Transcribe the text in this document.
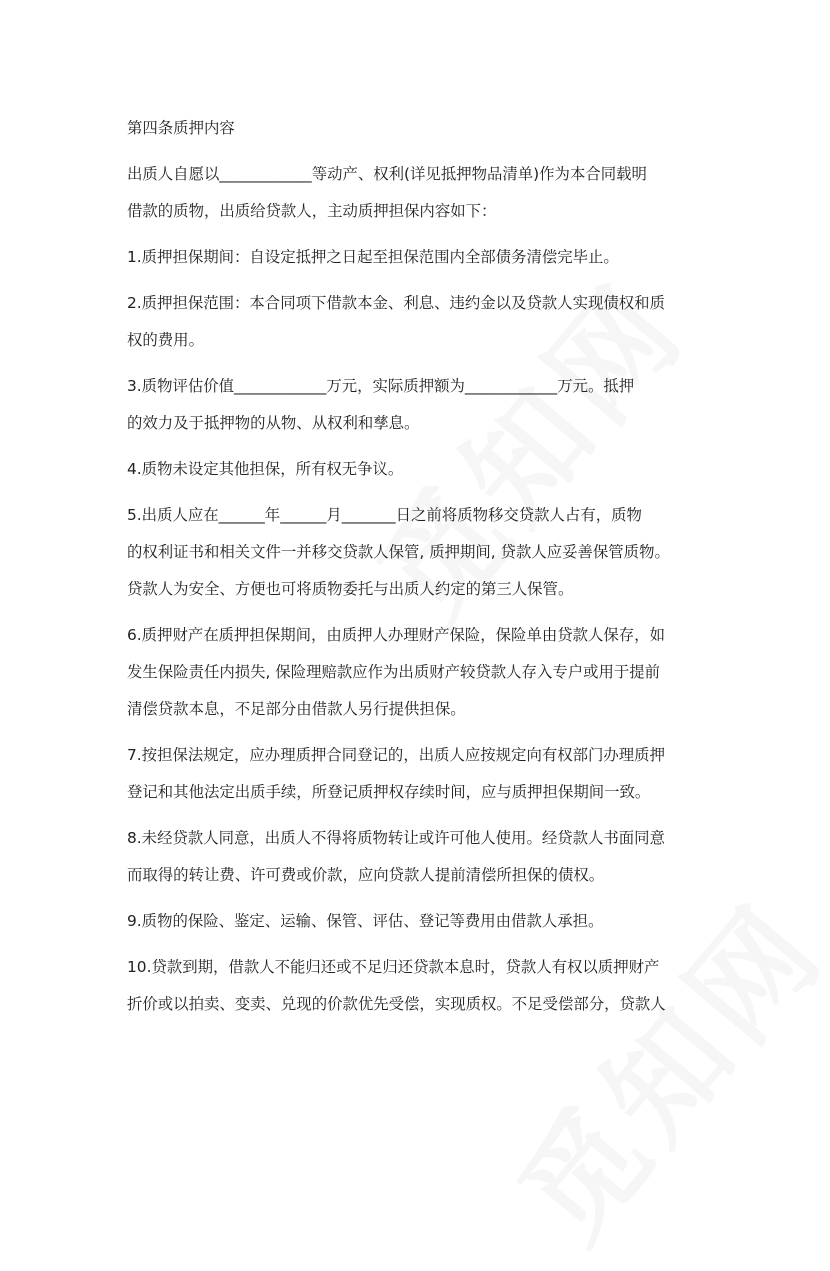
第四条质押内容
出质人自愿以____________等动产、权利(详见抵押物品清单)作为本合同载明
借款的质物，出质给贷款人，主动质押担保内容如下：
1.质押担保期间：自设定抵押之日起至担保范围内全部债务清偿完毕止。
2.质押担保范围：本合同项下借款本金、利息、违约金以及贷款人实现债权和质
权的费用。
3.质物评估价值____________万元，实际质押额为____________万元。抵押
的效力及于抵押物的从物、从权利和孳息。
4.质物未设定其他担保，所有权无争议。
5.出质人应在______年______月_______日之前将质物移交贷款人占有，质物
的权利证书和相关文件一并移交贷款人保管, 质押期间, 贷款人应妥善保管质物。
贷款人为安全、方便也可将质物委托与出质人约定的第三人保管。
6.质押财产在质押担保期间，由质押人办理财产保险，保险单由贷款人保存，如
发生保险责任内损失, 保险理赔款应作为出质财产较贷款人存入专户或用于提前
清偿贷款本息，不足部分由借款人另行提供担保。
7.按担保法规定，应办理质押合同登记的，出质人应按规定向有权部门办理质押
登记和其他法定出质手续，所登记质押权存续时间，应与质押担保期间一致。
8.未经贷款人同意，出质人不得将质物转让或许可他人使用。经贷款人书面同意
而取得的转让费、许可费或价款，应向贷款人提前清偿所担保的债权。
9.质物的保险、鉴定、运输、保管、评估、登记等费用由借款人承担。
10.贷款到期，借款人不能归还或不足归还贷款本息时，贷款人有权以质押财产
折价或以拍卖、变卖、兑现的价款优先受偿，实现质权。不足受偿部分，贷款人
